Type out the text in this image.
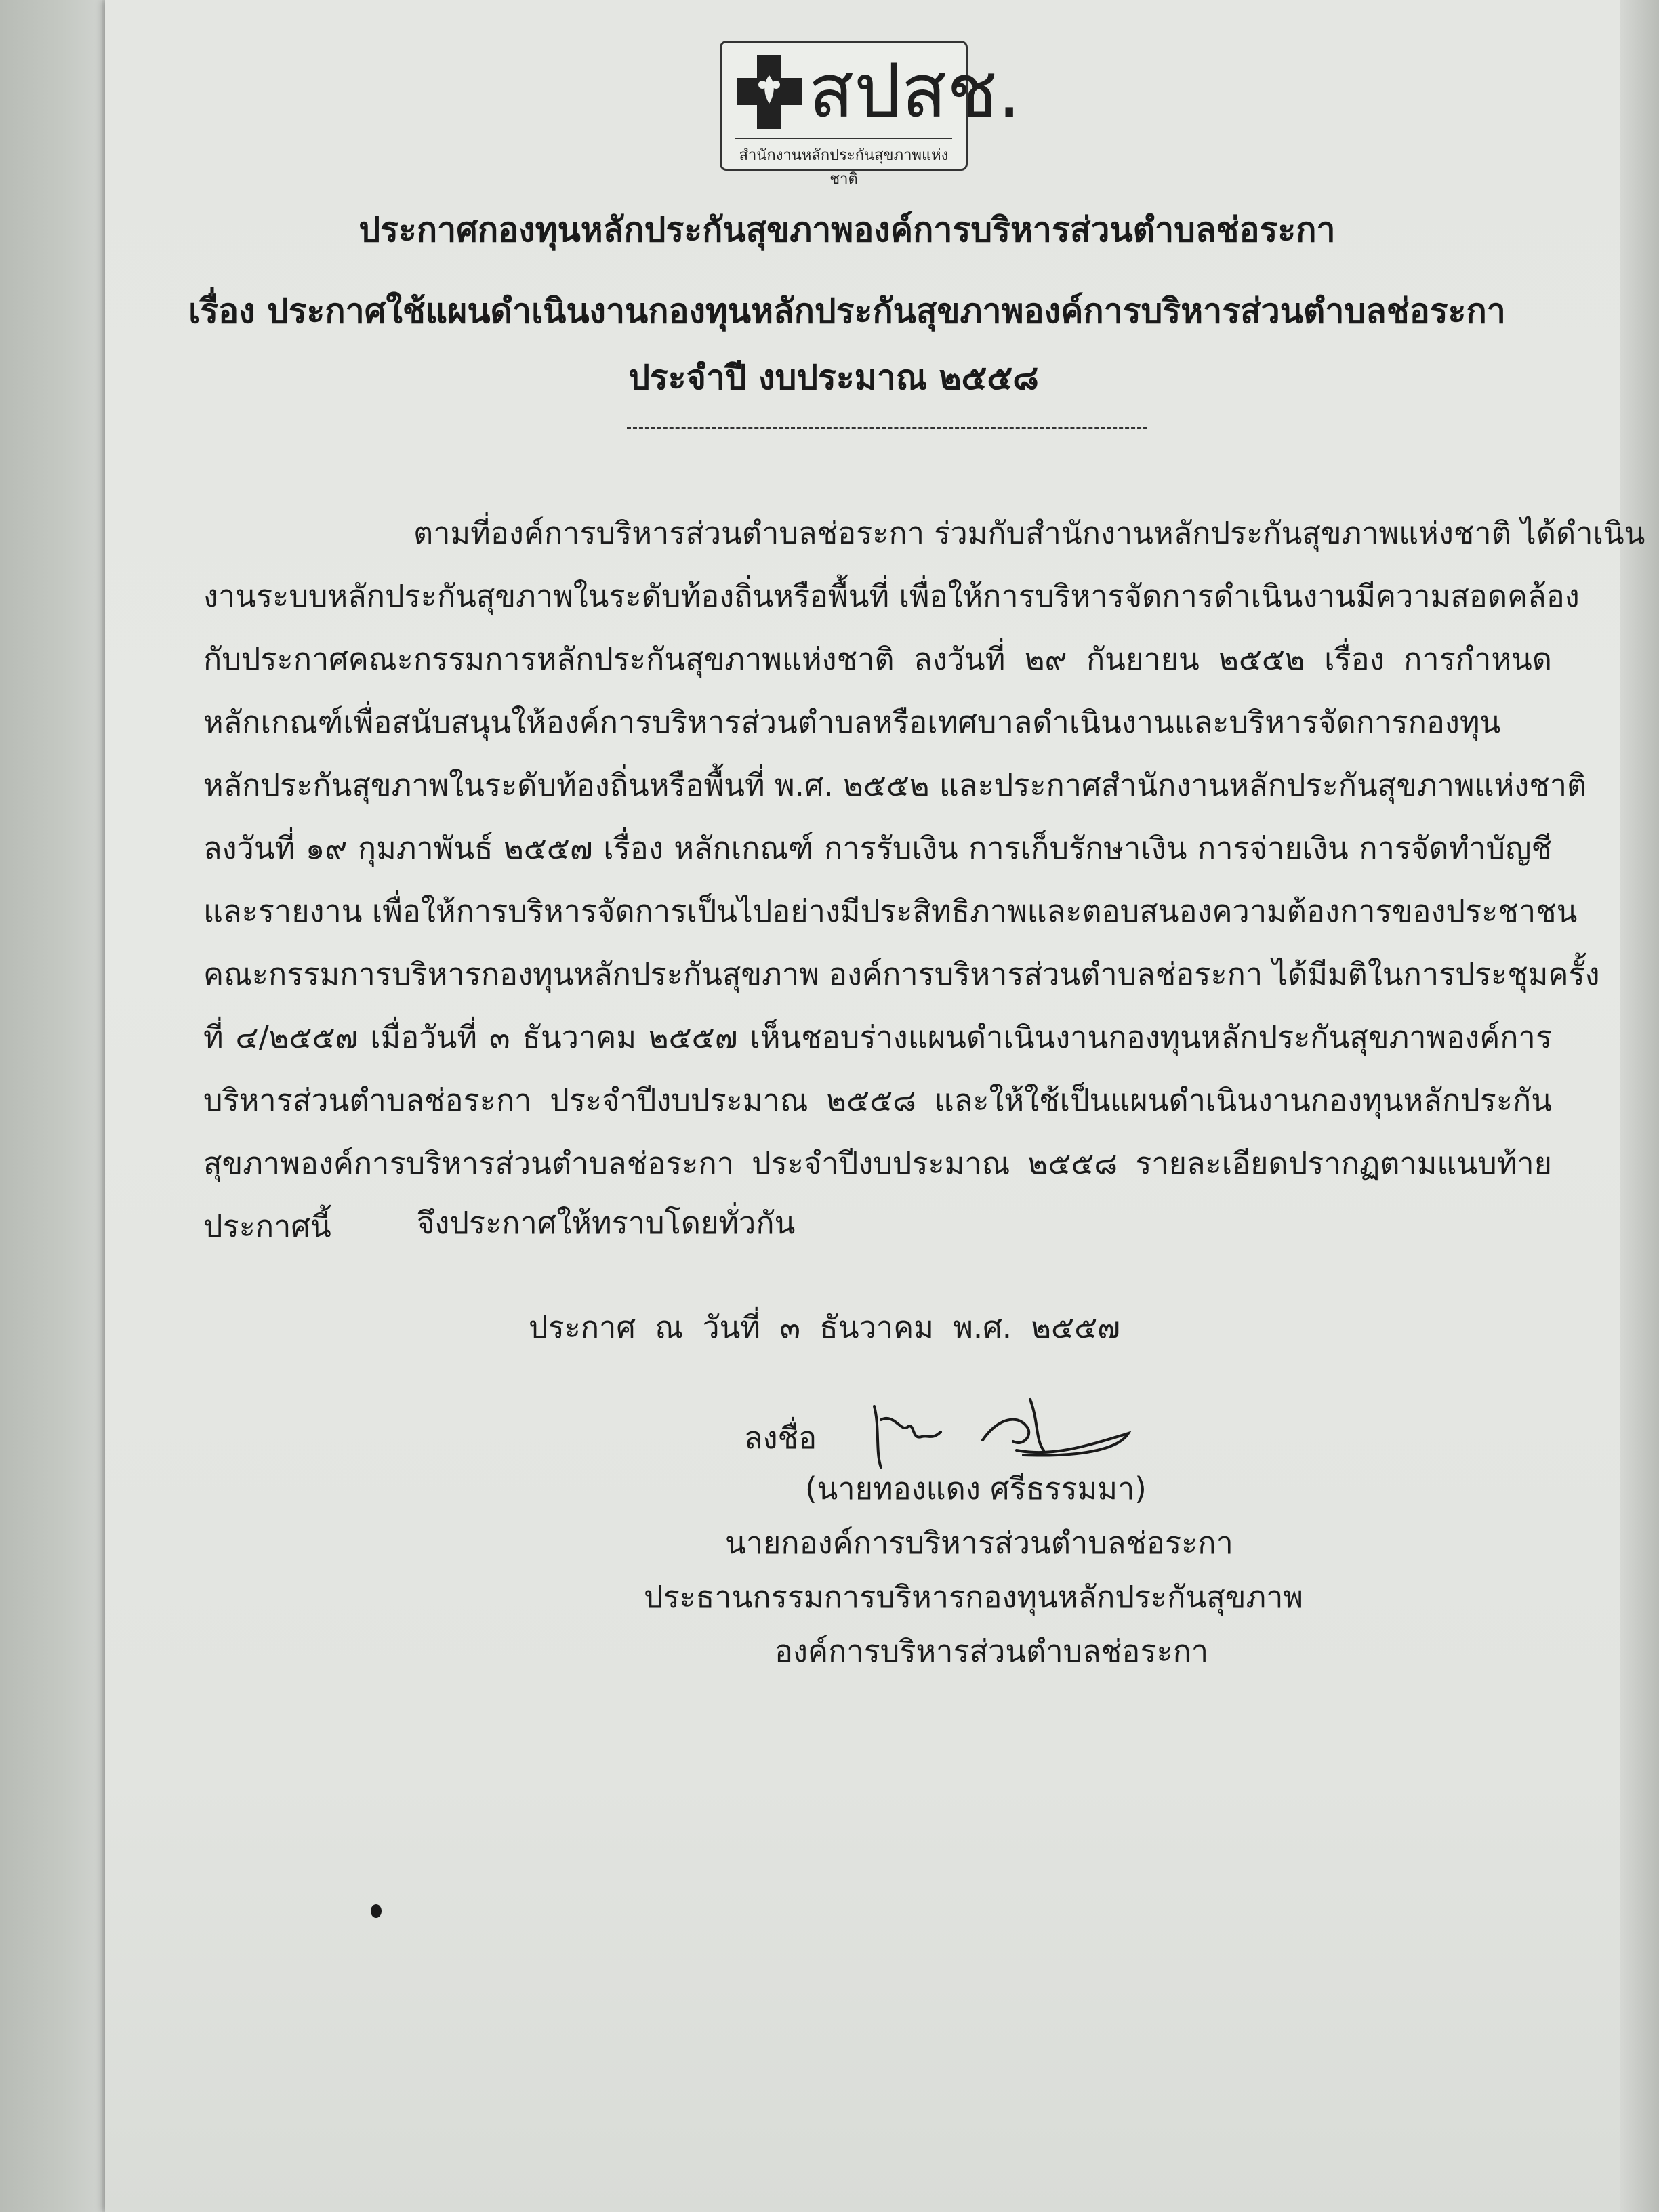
สปสช.
สำนักงานหลักประกันสุขภาพแห่งชาติ
ประกาศกองทุนหลักประกันสุขภาพองค์การบริหารส่วนตำบลช่อระกา
เรื่อง ประกาศใช้แผนดำเนินงานกองทุนหลักประกันสุขภาพองค์การบริหารส่วนตำบลช่อระกา
ประจำปี งบประมาณ ๒๕๕๘
ตามที่องค์การบริหารส่วนตำบลช่อระกา ร่วมกับสำนักงานหลักประกันสุขภาพแห่งชาติ ได้ดำเนิน
งานระบบหลักประกันสุขภาพในระดับท้องถิ่นหรือพื้นที่ เพื่อให้การบริหารจัดการดำเนินงานมีความสอดคล้อง
กับประกาศคณะกรรมการหลักประกันสุขภาพแห่งชาติ ลงวันที่ ๒๙ กันยายน ๒๕๕๒ เรื่อง การกำหนด
หลักเกณฑ์เพื่อสนับสนุนให้องค์การบริหารส่วนตำบลหรือเทศบาลดำเนินงานและบริหารจัดการกองทุน
หลักประกันสุขภาพในระดับท้องถิ่นหรือพื้นที่ พ.ศ. ๒๕๕๒ และประกาศสำนักงานหลักประกันสุขภาพแห่งชาติ
ลงวันที่ ๑๙ กุมภาพันธ์ ๒๕๕๗ เรื่อง หลักเกณฑ์ การรับเงิน การเก็บรักษาเงิน การจ่ายเงิน การจัดทำบัญชี
และรายงาน เพื่อให้การบริหารจัดการเป็นไปอย่างมีประสิทธิภาพและตอบสนองความต้องการของประชาชน
คณะกรรมการบริหารกองทุนหลักประกันสุขภาพ องค์การบริหารส่วนตำบลช่อระกา ได้มีมติในการประชุมครั้ง
ที่ ๔/๒๕๕๗ เมื่อวันที่ ๓ ธันวาคม ๒๕๕๗ เห็นชอบร่างแผนดำเนินงานกองทุนหลักประกันสุขภาพองค์การ
บริหารส่วนตำบลช่อระกา ประจำปีงบประมาณ ๒๕๕๘ และให้ใช้เป็นแผนดำเนินงานกองทุนหลักประกัน
สุขภาพองค์การบริหารส่วนตำบลช่อระกา ประจำปีงบประมาณ ๒๕๕๘ รายละเอียดปรากฏตามแนบท้าย
ประกาศนี้	จึงประกาศให้ทราบโดยทั่วกัน
ประกาศ ณ วันที่ ๓ ธันวาคม พ.ศ. ๒๕๕๗
ลงชื่อ
(นายทองแดง ศรีธรรมมา)
นายกองค์การบริหารส่วนตำบลช่อระกา
ประธานกรรมการบริหารกองทุนหลักประกันสุขภาพ
องค์การบริหารส่วนตำบลช่อระกา
